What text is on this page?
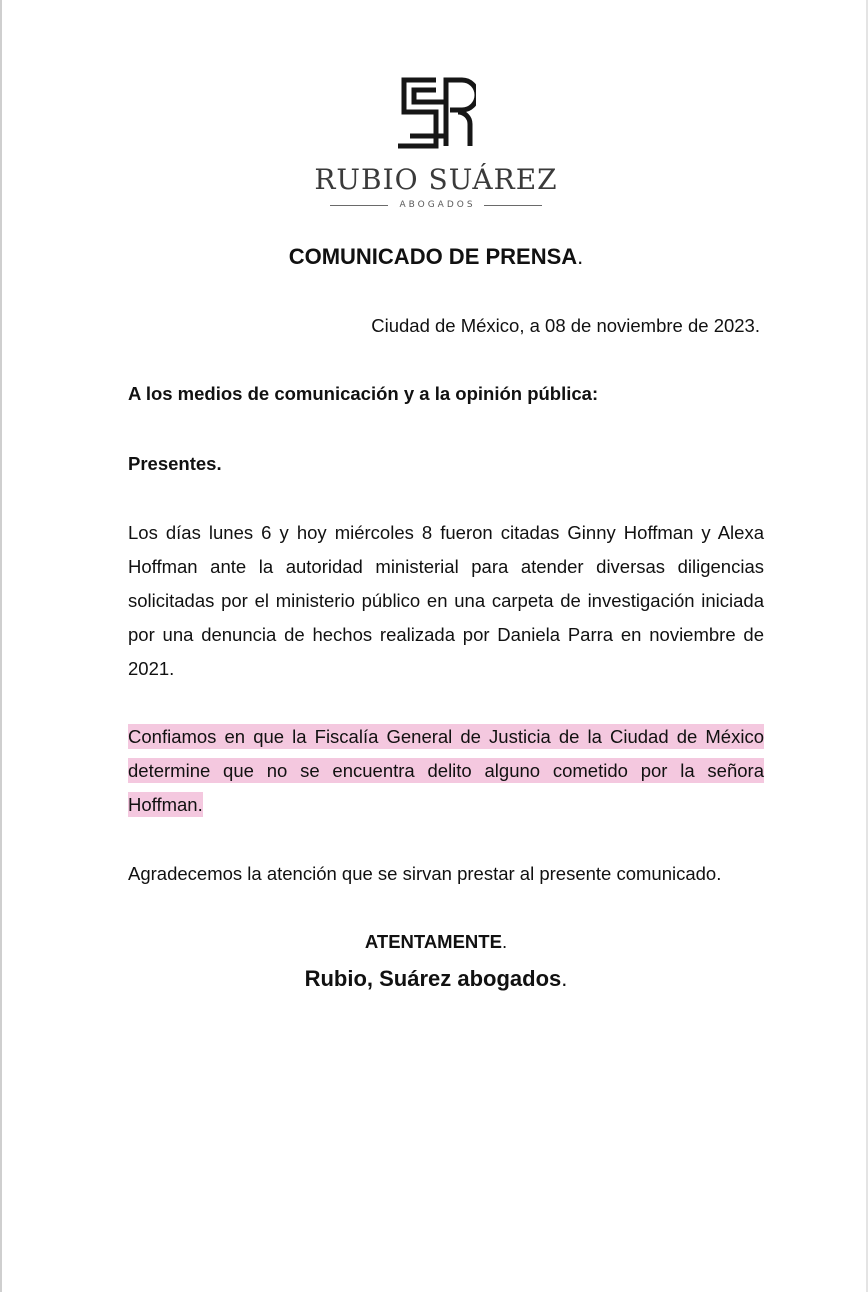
RUBIO SUÁREZ
ABOGADOS
COMUNICADO DE PRENSA.
Ciudad de México, a 08 de noviembre de 2023.
A los medios de comunicación y a la opinión pública:
Presentes.
Los días lunes 6 y hoy miércoles 8 fueron citadas Ginny Hoffman y Alexa Hoffman ante la autoridad ministerial para atender diversas diligencias solicitadas por el ministerio público en una carpeta de investigación iniciada por una denuncia de hechos realizada por Daniela Parra en noviembre de 2021.
Confiamos en que la Fiscalía General de Justicia de la Ciudad de México determine que no se encuentra delito alguno cometido por la señora Hoffman.
Agradecemos la atención que se sirvan prestar al presente comunicado.
ATENTAMENTE.
Rubio, Suárez abogados.
